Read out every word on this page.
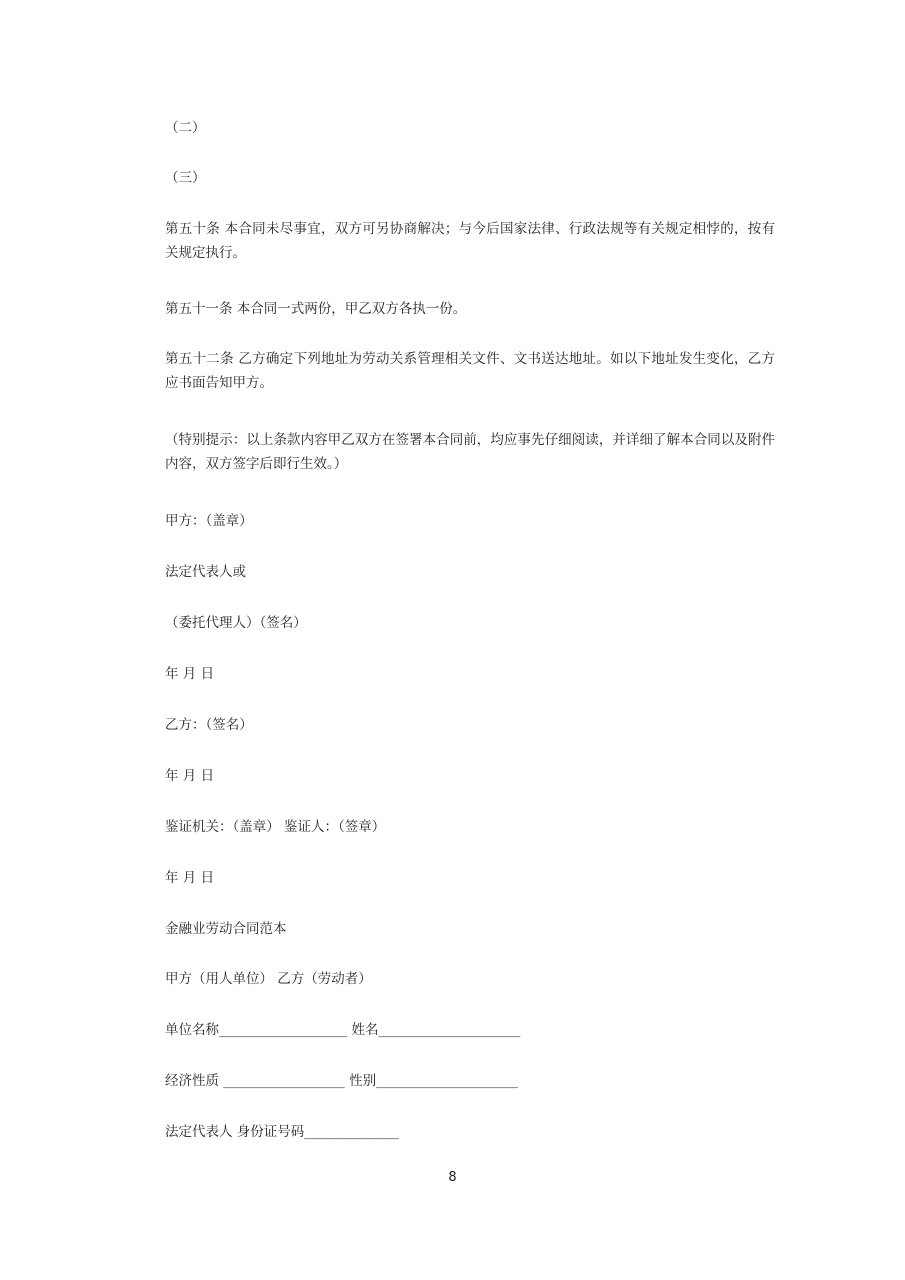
（二）
（三）
第五十条 本合同未尽事宜，双方可另协商解决；与今后国家法律、行政法规等有关规定相悖的，按有关规定执行。
第五十一条 本合同一式两份，甲乙双方各执一份。
第五十二条 乙方确定下列地址为劳动关系管理相关文件、文书送达地址。如以下地址发生变化，乙方应书面告知甲方。
（特别提示：以上条款内容甲乙双方在签署本合同前，均应事先仔细阅读，并详细了解本合同以及附件内容，双方签字后即行生效。）
甲方：（盖章）
法定代表人或
（委托代理人）（签名）
年 月 日
乙方：（签名）
年 月 日
鉴证机关：（盖章） 鉴证人：（签章）
年 月 日
金融业劳动合同范本
甲方（用人单位） 乙方（劳动者）
单位名称___________________ 姓名_____________________
经济性质 __________________ 性别_____________________
法定代表人 身份证号码______________
8
